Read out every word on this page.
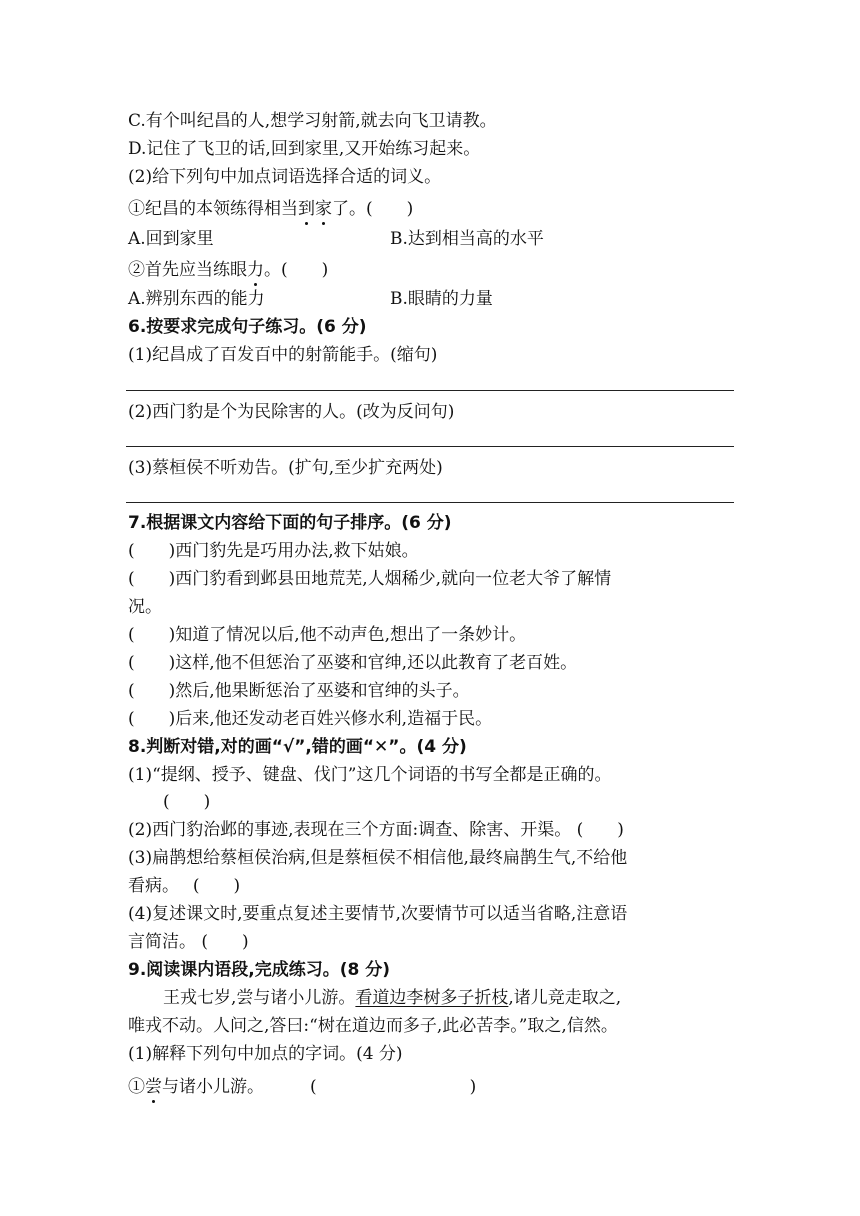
C.有个叫纪昌的人,想学习射箭,就去向飞卫请教。
D.记住了飞卫的话,回到家里,又开始练习起来。
(2)给下列句中加点词语选择合适的词义。
①纪昌的本领练得相当到家了。(　　)
A.回到家里	B.达到相当高的水平
②首先应当练眼力。(　　)
A.辨别东西的能力	B.眼睛的力量
6.按要求完成句子练习。(6 分)
(1)纪昌成了百发百中的射箭能手。(缩句)
(2)西门豹是个为民除害的人。(改为反问句)
(3)蔡桓侯不听劝告。(扩句,至少扩充两处)
7.根据课文内容给下面的句子排序。(6 分)
(　　)西门豹先是巧用办法,救下姑娘。
(　　)西门豹看到邺县田地荒芜,人烟稀少,就向一位老大爷了解情
况。
(　　)知道了情况以后,他不动声色,想出了一条妙计。
(　　)这样,他不但惩治了巫婆和官绅,还以此教育了老百姓。
(　　)然后,他果断惩治了巫婆和官绅的头子。
(　　)后来,他还发动老百姓兴修水利,造福于民。
8.判断对错,对的画“√”,错的画“✕”。(4 分)
(1)“提纲、授予、键盘、伐门”这几个词语的书写全都是正确的。
(　　)
(2)西门豹治邺的事迹,表现在三个方面:调查、除害、开渠。 (　　)
(3)扁鹊想给蔡桓侯治病,但是蔡桓侯不相信他,最终扁鹊生气,不给他
看病。　 (　　)
(4)复述课文时,要重点复述主要情节,次要情节可以适当省略,注意语
言简洁。 (　　)
9.阅读课内语段,完成练习。(8 分)
王戎七岁,尝与诸小儿游。看道边李树多子折枝,诸儿竞走取之,
唯戎不动。人问之,答曰:“树在道边而多子,此必苦李。”取之,信然。
(1)解释下列句中加点的字词。(4 分)
①尝与诸小儿游。	(　　　　　　　　　)
